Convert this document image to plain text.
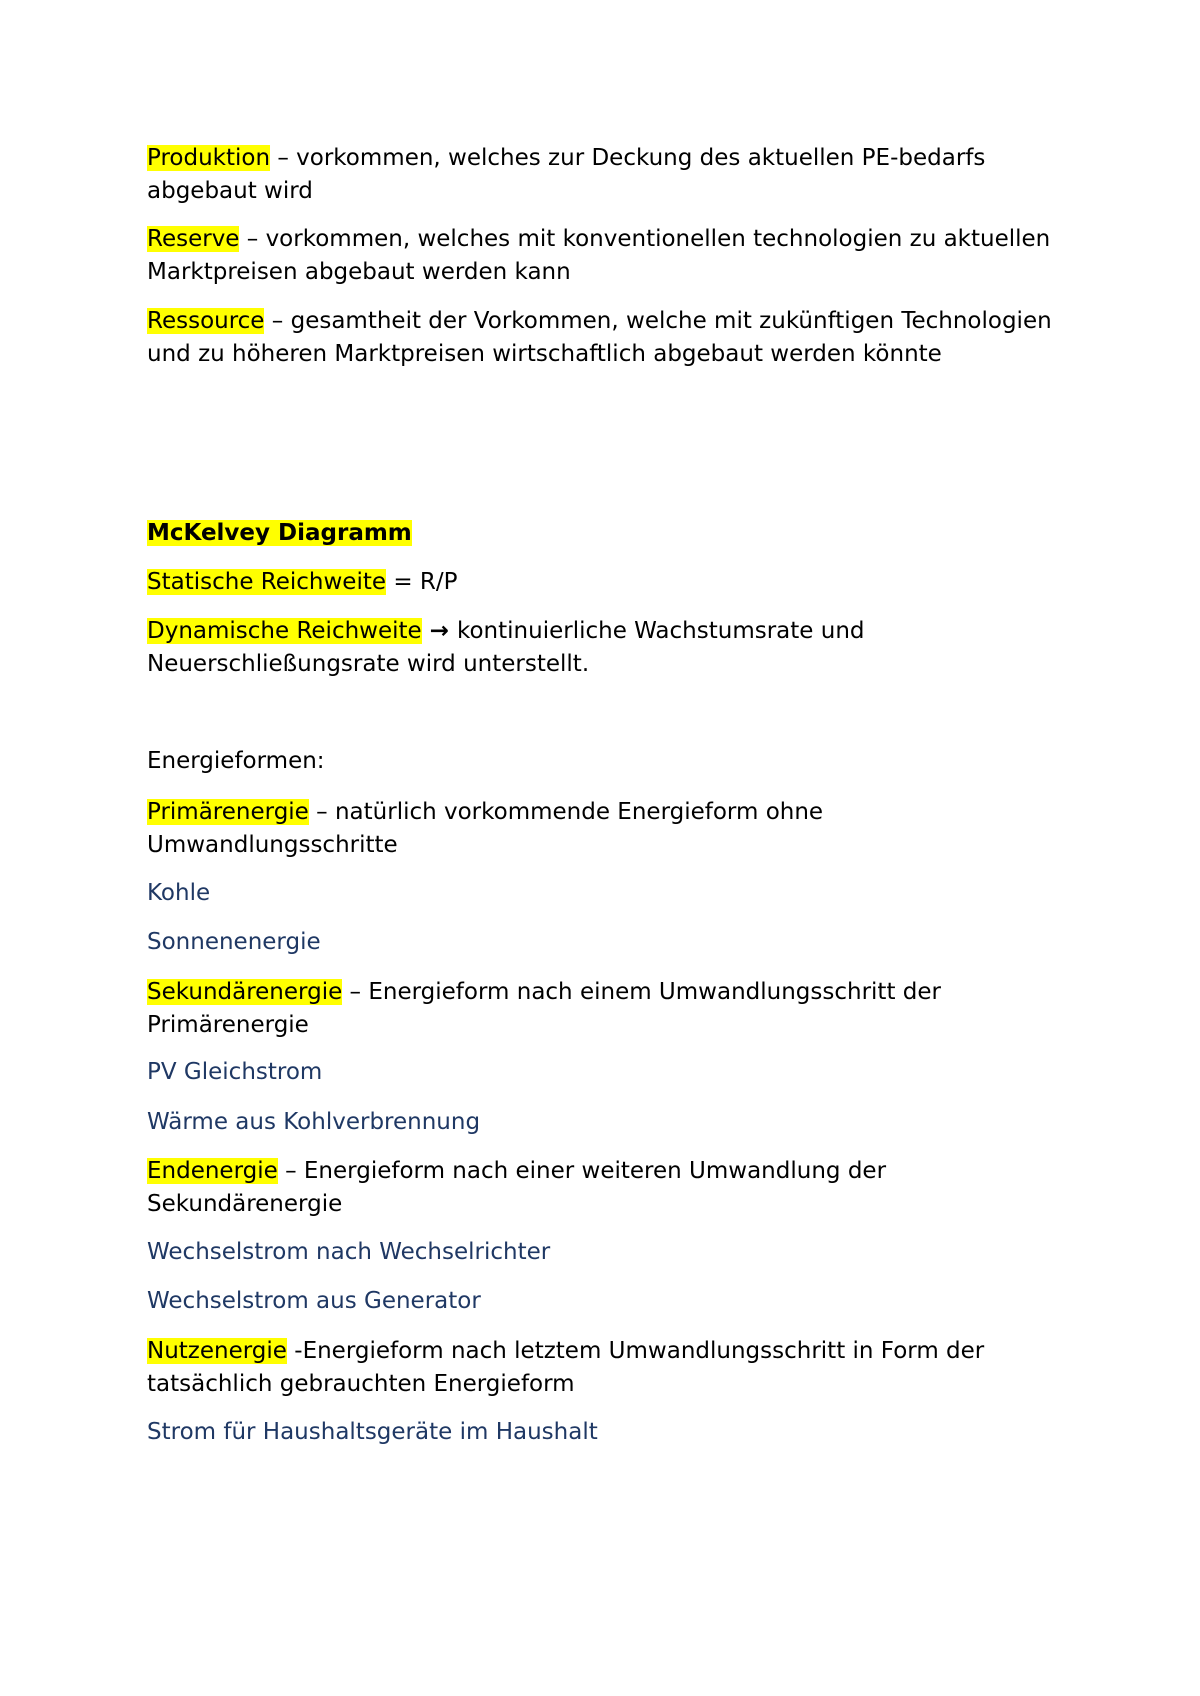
Produktion – vorkommen, welches zur Deckung des aktuellen PE-bedarfs abgebaut wird

Reserve – vorkommen, welches mit konventionellen technologien zu aktuellen Marktpreisen abgebaut werden kann

Ressource – gesamtheit der Vorkommen, welche mit zukünftigen Technologien und zu höheren Marktpreisen wirtschaftlich abgebaut werden könnte

McKelvey Diagramm

Statische Reichweite = R/P

Dynamische Reichweite → kontinuierliche Wachstumsrate und Neuerschließungsrate wird unterstellt.

Energieformen:

Primärenergie – natürlich vorkommende Energieform ohne Umwandlungsschritte

Kohle

Sonnenenergie

Sekundärenergie – Energieform nach einem Umwandlungsschritt der Primärenergie

PV Gleichstrom

Wärme aus Kohlverbrennung

Endenergie – Energieform nach einer weiteren Umwandlung der Sekundärenergie

Wechselstrom nach Wechselrichter

Wechselstrom aus Generator

Nutzenergie -Energieform nach letztem Umwandlungsschritt in Form der tatsächlich gebrauchten Energieform

Strom für Haushaltsgeräte im Haushalt
